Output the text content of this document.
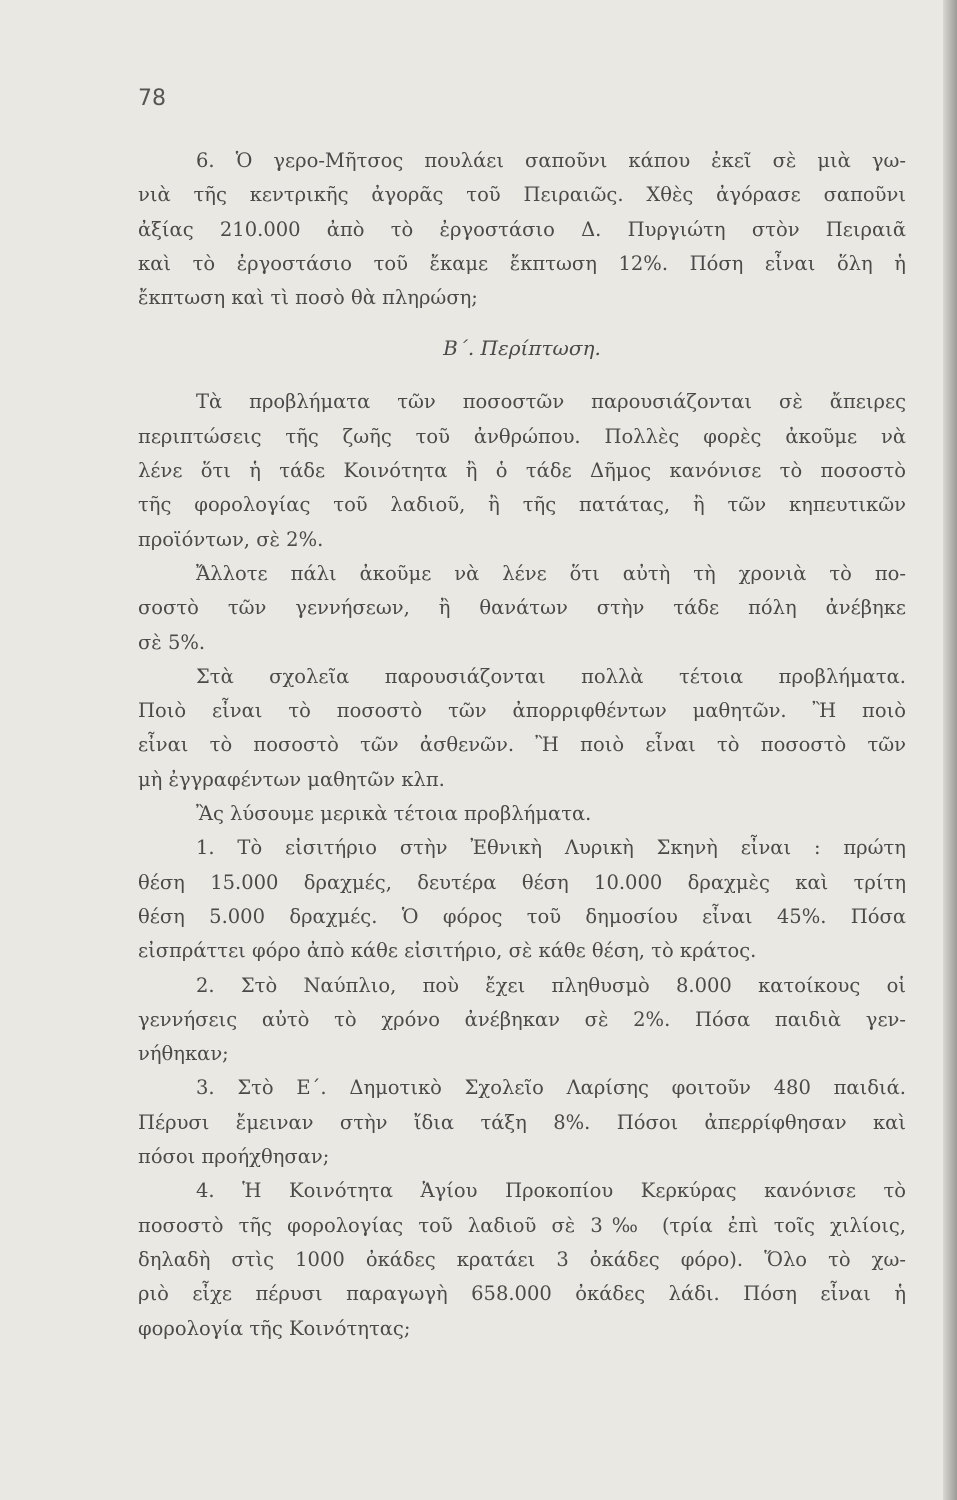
78

6. Ὁ γερο-Μῆτσος πουλάει σαποῦνι κάπου ἐκεῖ σὲ μιὰ γω-

νιὰ τῆς κεντρικῆς ἀγορᾶς τοῦ Πειραιῶς. Χθὲς ἀγόρασε σαποῦνι

ἀξίας 210.000 ἀπὸ τὸ ἐργοστάσιο Δ. Πυργιώτη στὸν Πειραιᾶ

καὶ τὸ ἐργοστάσιο τοῦ ἔκαμε ἔκπτωση 12%. Πόση εἶναι ὅλη ἡ

ἔκπτωση καὶ τὶ ποσὸ θὰ πληρώση;

Β΄. Περίπτωση.

Τὰ προβλήματα τῶν ποσοστῶν παρουσιάζονται σὲ ἄπειρες

περιπτώσεις τῆς ζωῆς τοῦ ἀνθρώπου. Πολλὲς φορὲς ἀκοῦμε νὰ

λένε ὅτι ἡ τάδε Κοινότητα ἢ ὁ τάδε Δῆμος κανόνισε τὸ ποσοστὸ

τῆς φορολογίας τοῦ λαδιοῦ, ἢ τῆς πατάτας, ἢ τῶν κηπευτικῶν

προϊόντων, σὲ 2%.

Ἄλλοτε πάλι ἀκοῦμε νὰ λένε ὅτι αὐτὴ τὴ χρονιὰ τὸ πο-

σοστὸ τῶν γεννήσεων, ἢ θανάτων στὴν τάδε πόλη ἀνέβηκε

σὲ 5%.

Στὰ σχολεῖα παρουσιάζονται πολλὰ τέτοια προβλήματα.

Ποιὸ εἶναι τὸ ποσοστὸ τῶν ἀπορριφθέντων μαθητῶν. Ἢ ποιὸ

εἶναι τὸ ποσοστὸ τῶν ἀσθενῶν. Ἢ ποιὸ εἶναι τὸ ποσοστὸ τῶν

μὴ ἐγγραφέντων μαθητῶν κλπ.

Ἂς λύσουμε μερικὰ τέτοια προβλήματα.

1. Τὸ εἰσιτήριο στὴν Ἐθνικὴ Λυρικὴ Σκηνὴ εἶναι : πρώτη

θέση 15.000 δραχμές, δευτέρα θέση 10.000 δραχμὲς καὶ τρίτη

θέση 5.000 δραχμές. Ὁ φόρος τοῦ δημοσίου εἶναι 45%. Πόσα

εἰσπράττει φόρο ἀπὸ κάθε εἰσιτήριο, σὲ κάθε θέση, τὸ κράτος.

2. Στὸ Ναύπλιο, ποὺ ἔχει πληθυσμὸ 8.000 κατοίκους οἱ

γεννήσεις αὐτὸ τὸ χρόνο ἀνέβηκαν σὲ 2%. Πόσα παιδιὰ γεν-

νήθηκαν;

3. Στὸ Ε΄. Δημοτικὸ Σχολεῖο Λαρίσης φοιτοῦν 480 παιδιά.

Πέρυσι ἔμειναν στὴν ἴδια τάξη 8%. Πόσοι ἀπερρίφθησαν καὶ

πόσοι προήχθησαν;

4. Ἡ Κοινότητα Ἁγίου Προκοπίου Κερκύρας κανόνισε τὸ

ποσοστὸ τῆς φορολογίας τοῦ λαδιοῦ σὲ 3‰ (τρία ἐπὶ τοῖς χιλίοις,

δηλαδὴ στὶς 1000 ὀκάδες κρατάει 3 ὀκάδες φόρο). Ὅλο τὸ χω-

ριὸ εἶχε πέρυσι παραγωγὴ 658.000 ὀκάδες λάδι. Πόση εἶναι ἡ

φορολογία τῆς Κοινότητας;
